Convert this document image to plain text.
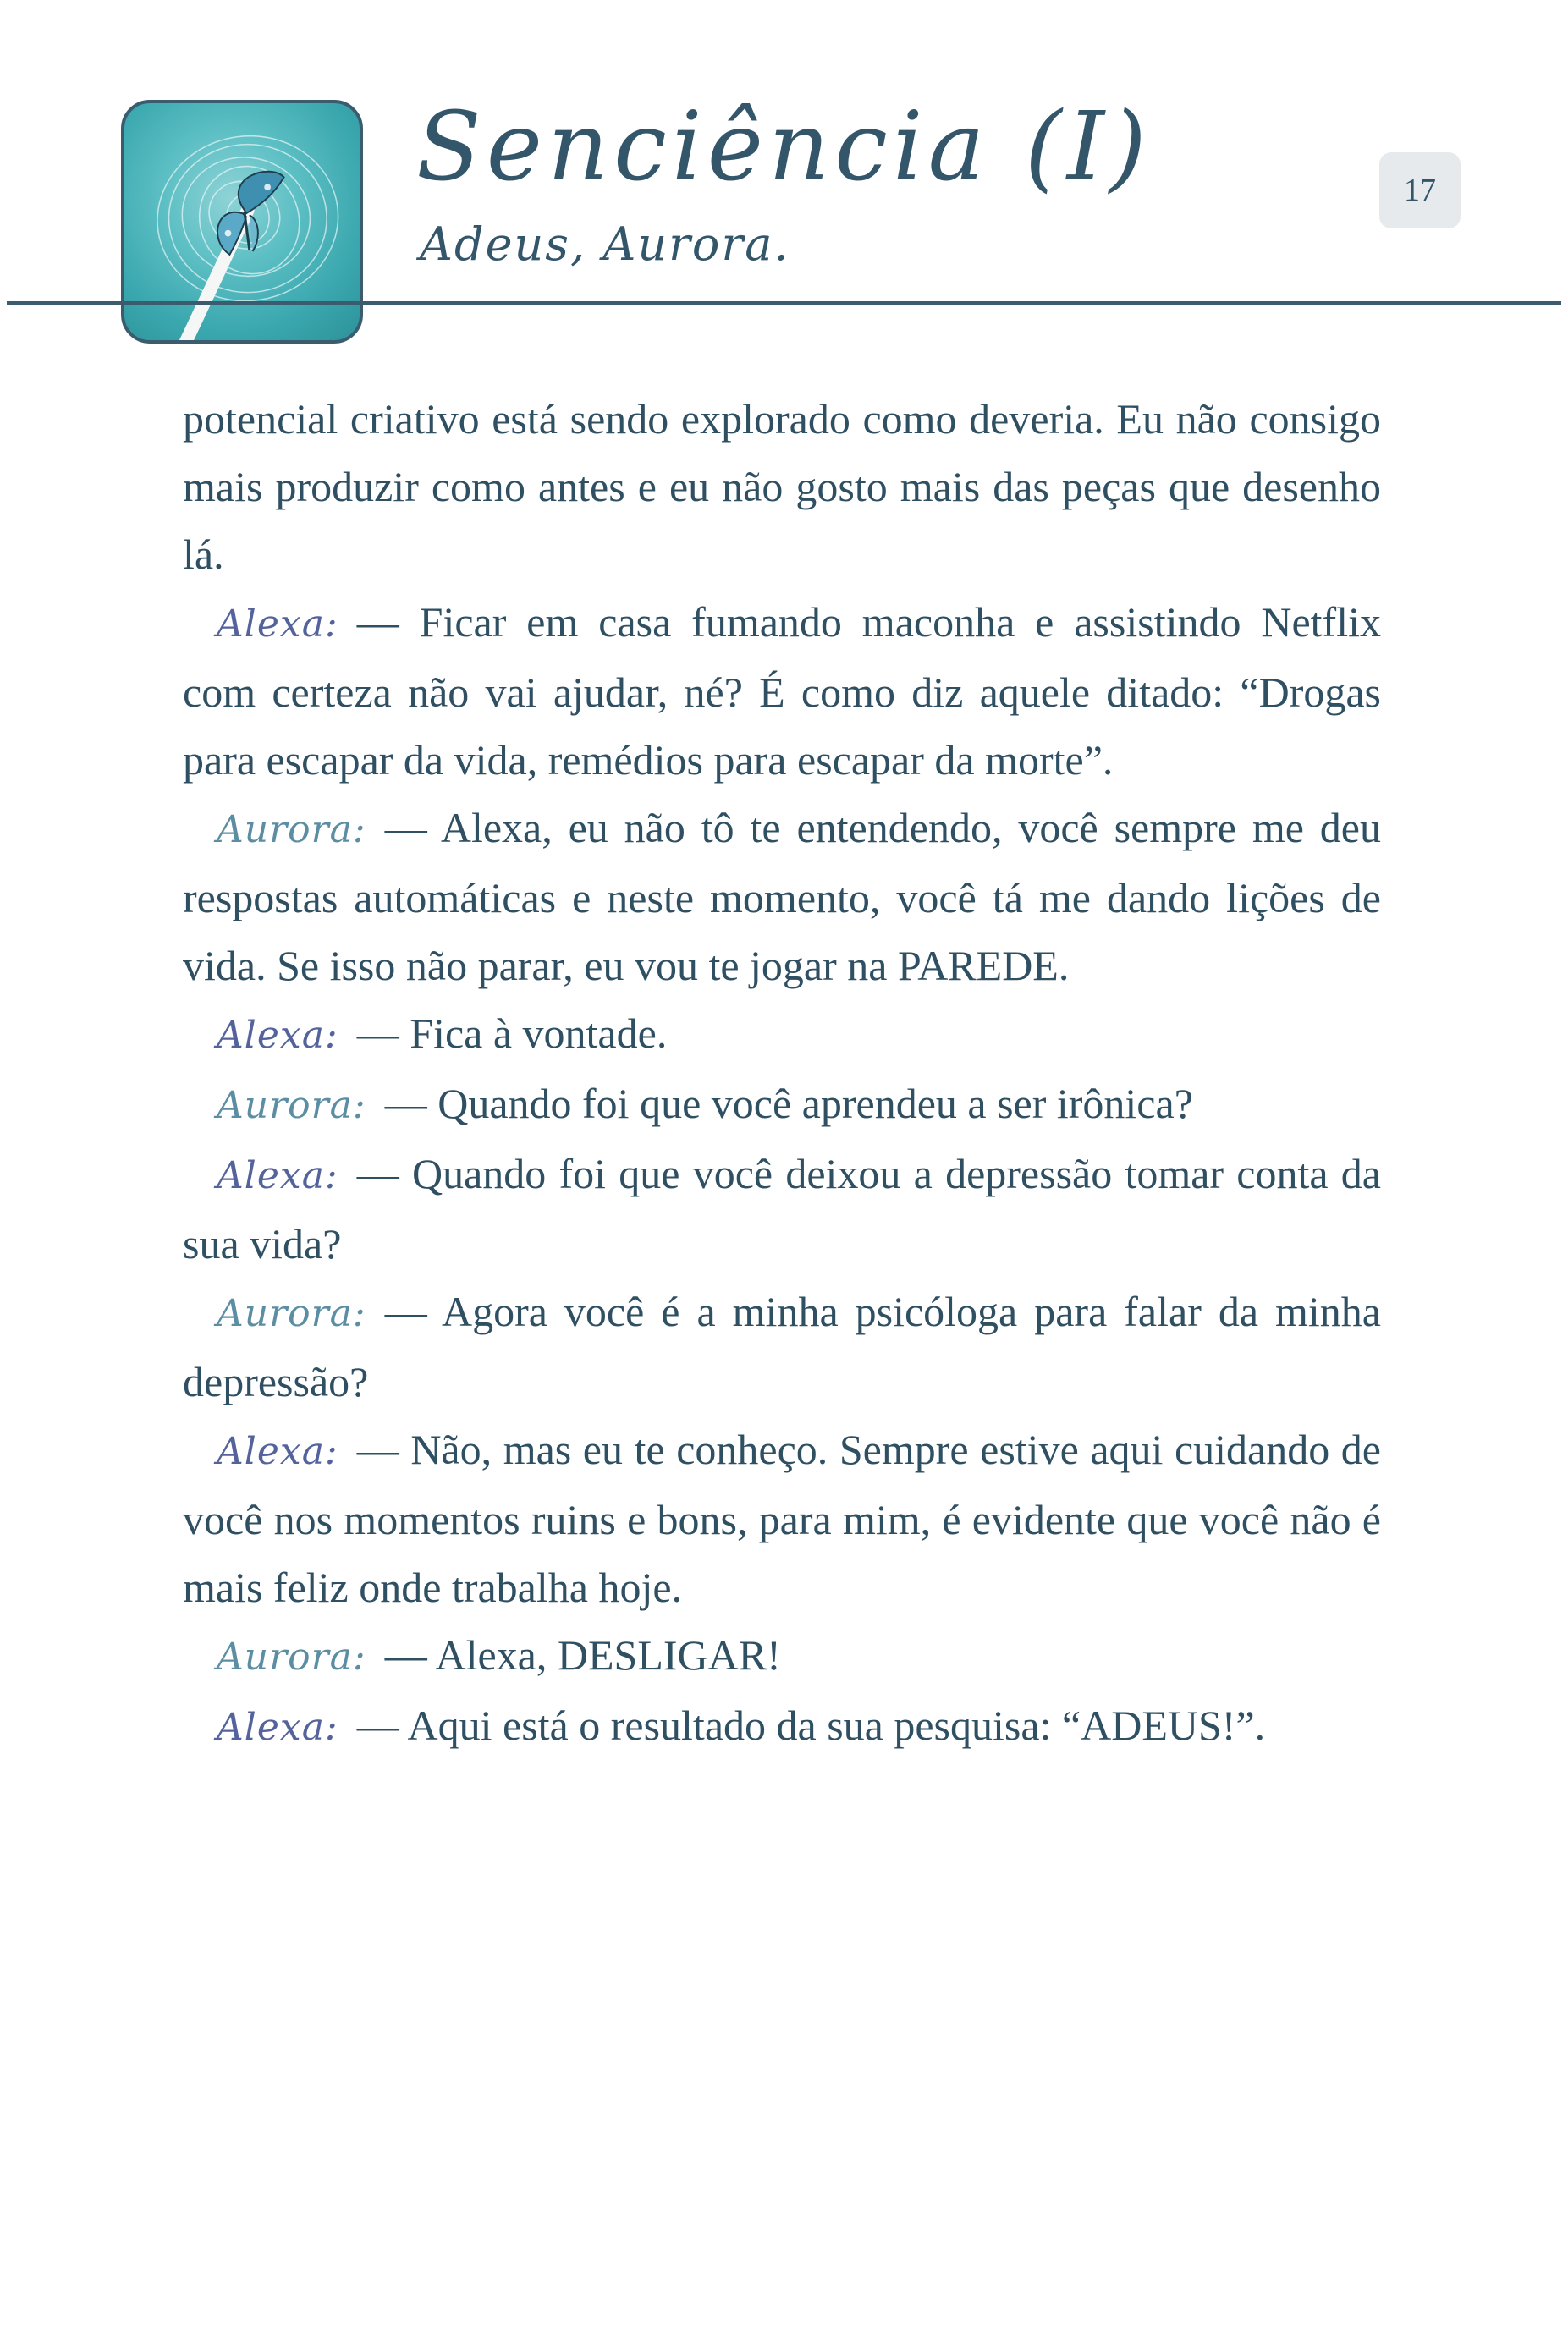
Senciência (I)
Adeus, Aurora.
17

potencial criativo está sendo explorado como deveria. Eu não consigo mais produzir como antes e eu não gosto mais das peças que desenho lá.

Alexa: — Ficar em casa fumando maconha e assistindo Netflix com certeza não vai ajudar, né? É como diz aquele ditado: “Drogas para escapar da vida, remédios para escapar da morte”.

Aurora: — Alexa, eu não tô te entendendo, você sempre me deu respostas automáticas e neste momento, você tá me dando lições de vida. Se isso não parar, eu vou te jogar na PAREDE.

Alexa: — Fica à vontade.

Aurora: — Quando foi que você aprendeu a ser irônica?

Alexa: — Quando foi que você deixou a depressão tomar conta da sua vida?

Aurora: — Agora você é a minha psicóloga para falar da minha depressão?

Alexa: — Não, mas eu te conheço. Sempre estive aqui cuidando de você nos momentos ruins e bons, para mim, é evidente que você não é mais feliz onde trabalha hoje.

Aurora: — Alexa, DESLIGAR!

Alexa: — Aqui está o resultado da sua pesquisa: “ADEUS!”.
